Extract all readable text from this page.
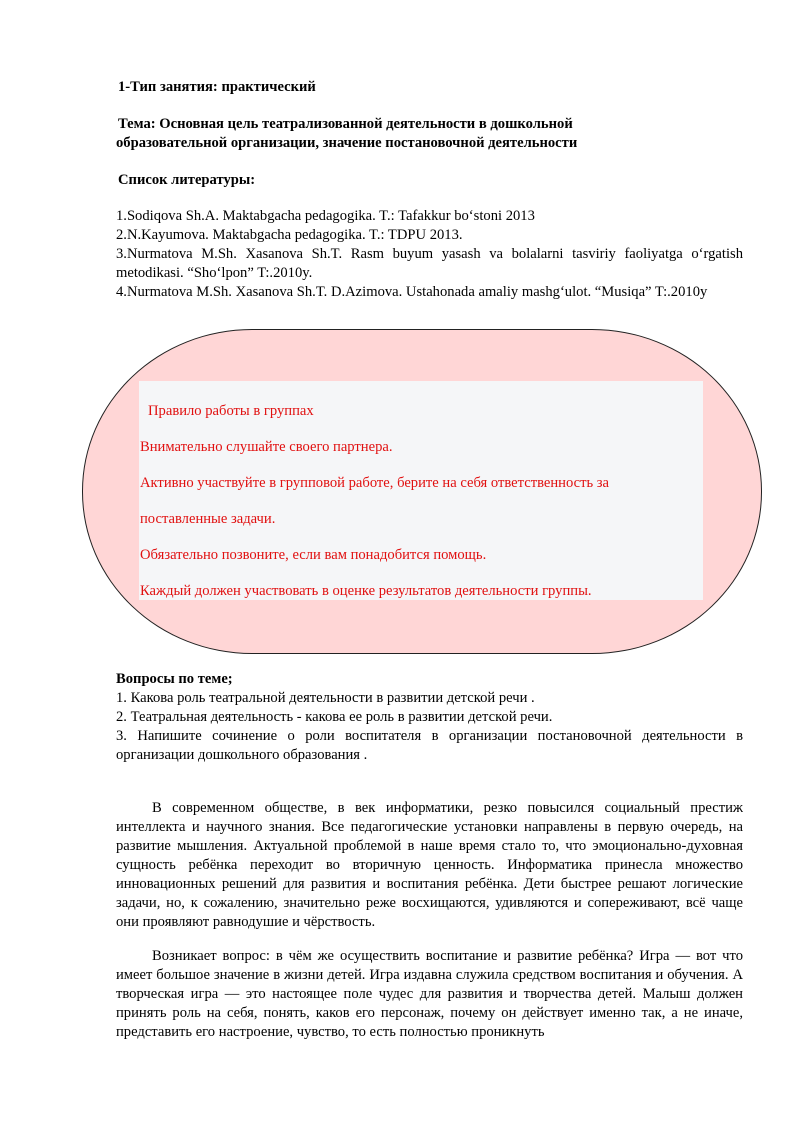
1-Тип занятия: практический
Тема: Основная цель театрализованной деятельности в дошкольной
образовательной организации, значение постановочной деятельности
Список литературы:
1.Sodiqova Sh.A. Maktabgacha pedagogika. T.: Tafakkur bo‘stoni 2013
2.N.Kayumova. Maktabgacha pedagogika. T.: TDPU 2013.
3.Nurmatova M.Sh. Xasanova Sh.T. Rasm buyum yasash va bolalarni tasviriy faoliyatga o‘rgatish metodikasi. “Sho‘lpon” T:.2010y.
4.Nurmatova M.Sh. Xasanova Sh.T. D.Azimova. Ustahonada amaliy mashg‘ulot. “Musiqa” T:.2010y
Правило работы в группах
Внимательно слушайте своего партнера.
Активно участвуйте в групповой работе, берите на себя ответственность за
поставленные задачи.
Обязательно позвоните, если вам понадобится помощь.
Каждый должен участвовать в оценке результатов деятельности группы.
Вопросы по теме;
1. Какова роль театральной деятельности в развитии детской речи .
2. Театральная деятельность - какова ее роль в развитии детской речи.
3. Напишите сочинение о роли воспитателя в организации постановочной деятельности в организации дошкольного образования .
В современном обществе, в век информатики, резко повысился социальный престиж интеллекта и научного знания. Все педагогические установки направлены в первую очередь, на развитие мышления. Актуальной проблемой в наше время стало то, что эмоционально-духовная сущность ребёнка переходит во вторичную ценность. Информатика принесла множество инновационных решений для развития и воспитания ребёнка. Дети быстрее решают логические задачи, но, к сожалению, значительно реже восхищаются, удивляются и сопереживают, всё чаще они проявляют равнодушие и чёрствость.
Возникает вопрос: в чём же осуществить воспитание и развитие ребёнка? Игра — вот что имеет большое значение в жизни детей. Игра издавна служила средством воспитания и обучения. А творческая игра — это настоящее поле чудес для развития и творчества детей. Малыш должен принять роль на себя, понять, каков его персонаж, почему он действует именно так, а не иначе, представить его настроение, чувство, то есть полностью проникнуть
